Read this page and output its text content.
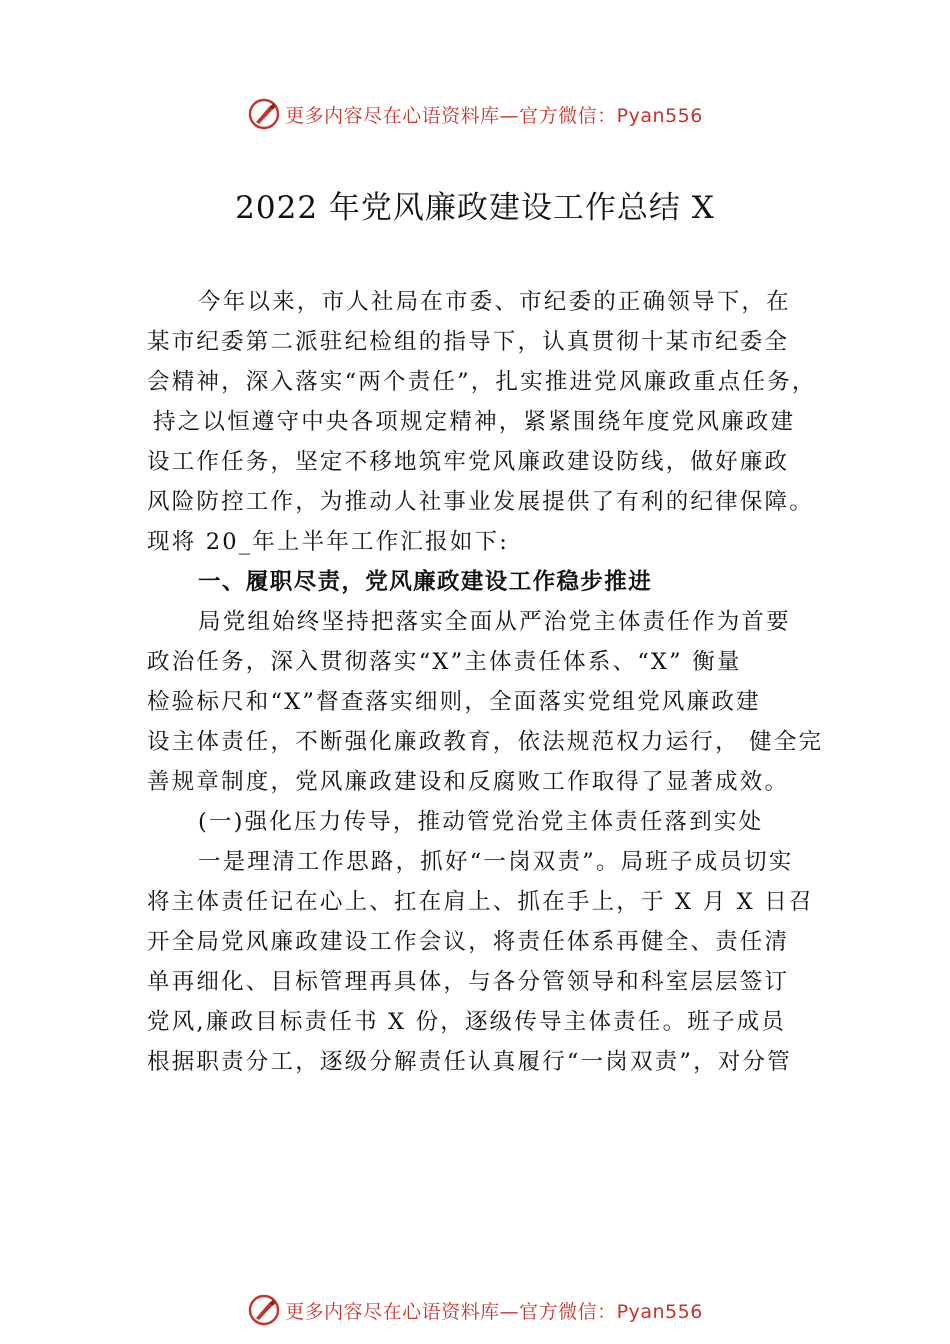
更多内容尽在心语资料库—官方微信：Pyan556
2022 年党风廉政建设工作总结 X
今年以来，市人社局在市委、市纪委的正确领导下，在
某市纪委第二派驻纪检组的指导下，认真贯彻十某市纪委全
会精神，深入落实“两个责任”，扎实推进党风廉政重点任务，
持之以恒遵守中央各项规定精神，紧紧围绕年度党风廉政建
设工作任务，坚定不移地筑牢党风廉政建设防线，做好廉政
风险防控工作，为推动人社事业发展提供了有利的纪律保障。
现将 20_年上半年工作汇报如下:
一、履职尽责，党风廉政建设工作稳步推进
局党组始终坚持把落实全面从严治党主体责任作为首要
政治任务，深入贯彻落实“X”主体责任体系、“X” 衡量
检验标尺和“X”督查落实细则，全面落实党组党风廉政建
设主体责任，不断强化廉政教育，依法规范权力运行， 健全完
善规章制度，党风廉政建设和反腐败工作取得了显著成效。
(一)强化压力传导，推动管党治党主体责任落到实处
一是理清工作思路，抓好“一岗双责”。局班子成员切实
将主体责任记在心上、扛在肩上、抓在手上，于 X 月 X 日召
开全局党风廉政建设工作会议，将责任体系再健全、责任清
单再细化、目标管理再具体，与各分管领导和科室层层签订
党风,廉政目标责任书 X 份，逐级传导主体责任。班子成员
根据职责分工，逐级分解责任认真履行“一岗双责”，对分管
更多内容尽在心语资料库—官方微信：Pyan556
